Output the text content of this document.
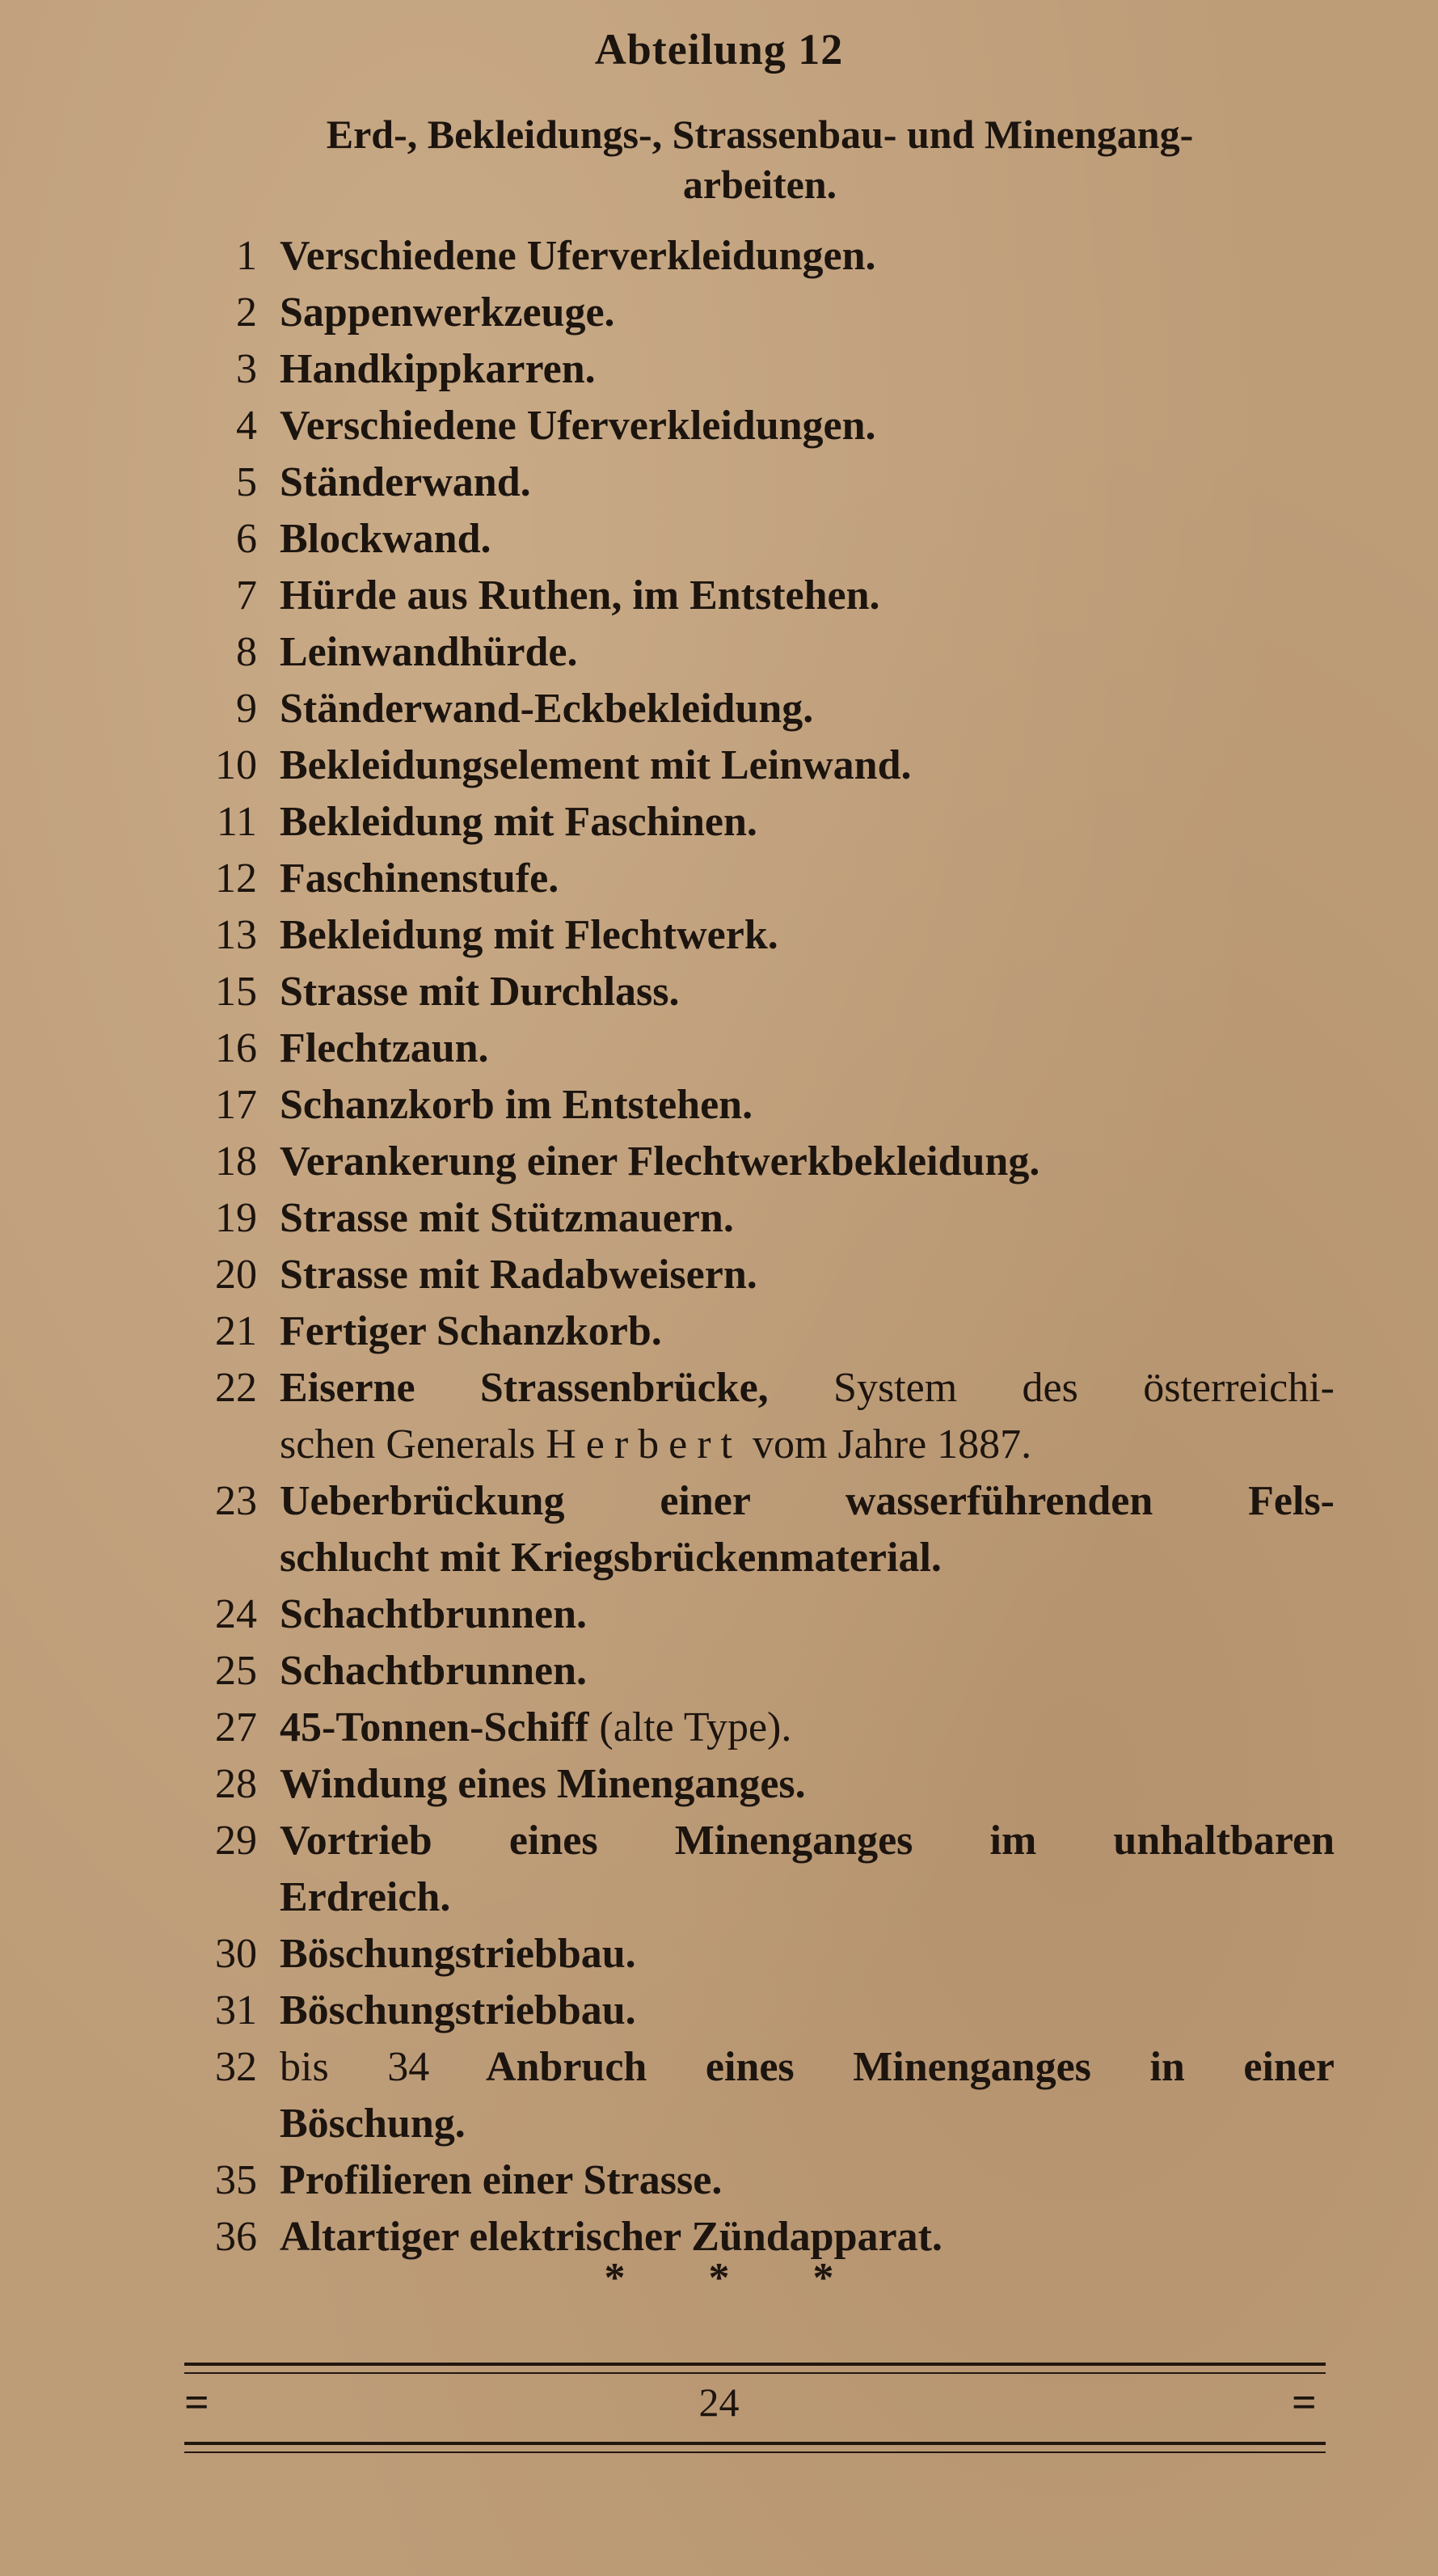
Abteilung 12
Erd-, Bekleidungs-, Strassenbau- und Minengang-
arbeiten.
1 Verschiedene Uferverkleidungen.
2 Sappenwerkzeuge.
3 Handkippkarren.
4 Verschiedene Uferverkleidungen.
5 Ständerwand.
6 Blockwand.
7 Hürde aus Ruthen, im Entstehen.
8 Leinwandhürde.
9 Ständerwand-Eckbekleidung.
10 Bekleidungselement mit Leinwand.
11 Bekleidung mit Faschinen.
12 Faschinenstufe.
13 Bekleidung mit Flechtwerk.
15 Strasse mit Durchlass.
16 Flechtzaun.
17 Schanzkorb im Entstehen.
18 Verankerung einer Flechtwerkbekleidung.
19 Strasse mit Stützmauern.
20 Strasse mit Radabweisern.
21 Fertiger Schanzkorb.
22 Eiserne Strassenbrücke, System des österreichi-
schen Generals Herbert vom Jahre 1887.
23 Ueberbrückung einer wasserführenden Fels-
schlucht mit Kriegsbrückenmaterial.
24 Schachtbrunnen.
25 Schachtbrunnen.
27 45-Tonnen-Schiff (alte Type).
28 Windung eines Minenganges.
29 Vortrieb eines Minenganges im unhaltbaren
Erdreich.
30 Böschungstriebbau.
31 Böschungstriebbau.
32 bis 34 Anbruch eines Minenganges in einer
Böschung.
35 Profilieren einer Strasse.
36 Altartiger elektrischer Zündapparat.
* * *
=	24	=
